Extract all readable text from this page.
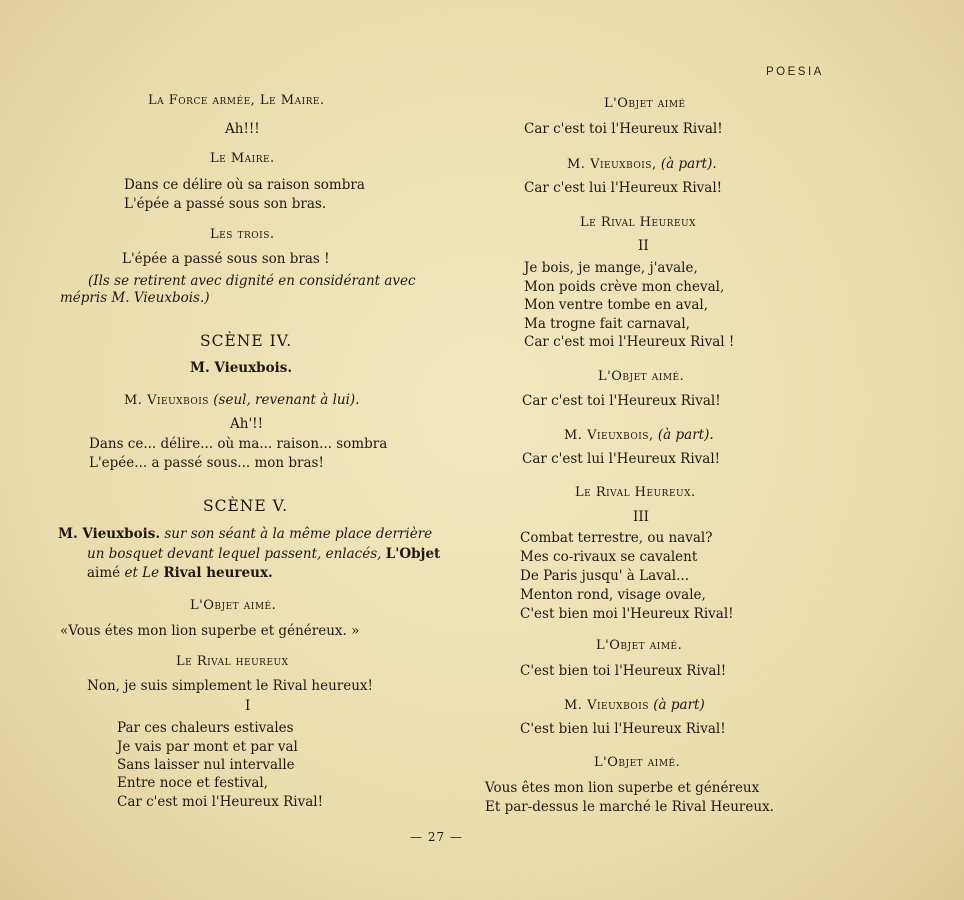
POESIA
La Force armée, Le Maire.
Ah!!!
Le Maire.
Dans ce délire où sa raison sombra
L'épée a passé sous son bras.
Les trois.
L'épée a passé sous son bras !
(Ils se retirent avec dignité en considérant avec
mépris M. Vieuxbois.)
SCÈNE IV.
M. Vieuxbois.
M. Vieuxbois (seul, revenant à lui).
Ah'!!
Dans ce... délire... où ma... raison... sombra
L'epée... a passé sous... mon bras!
SCÈNE V.
M. Vieuxbois. sur son séant à la même place derrière
un bosquet devant lequel passent, enlacés, L'Objet
aimé et Le Rival heureux.
L'Objet aimé.
«Vous étes mon lion superbe et généreux. »
Le Rival heureux
Non, je suis simplement le Rival heureux!
I
Par ces chaleurs estivales
Je vais par mont et par val
Sans laisser nul intervalle
Entre noce et festival,
Car c'est moi l'Heureux Rival!
L'Objet aimé
Car c'est toi l'Heureux Rival!
M. Vieuxbois, (à part).
Car c'est lui l'Heureux Rival!
Le Rival Heureux
II
Je bois, je mange, j'avale,
Mon poids crève mon cheval,
Mon ventre tombe en aval,
Ma trogne fait carnaval,
Car c'est moi l'Heureux Rival !
L'Objet aimé.
Car c'est toi l'Heureux Rival!
M. Vieuxbois, (à part).
Car c'est lui l'Heureux Rival!
Le Rival Heureux.
III
Combat terrestre, ou naval?
Mes co-rivaux se cavalent
De Paris jusqu' à Laval...
Menton rond, visage ovale,
C'est bien moi l'Heureux Rival!
L'Objet aimé.
C'est bien toi l'Heureux Rival!
M. Vieuxbois (à part)
C'est bien lui l'Heureux Rival!
L'Objet aimé.
Vous êtes mon lion superbe et généreux
Et par-dessus le marché le Rival Heureux.
— 27 —
